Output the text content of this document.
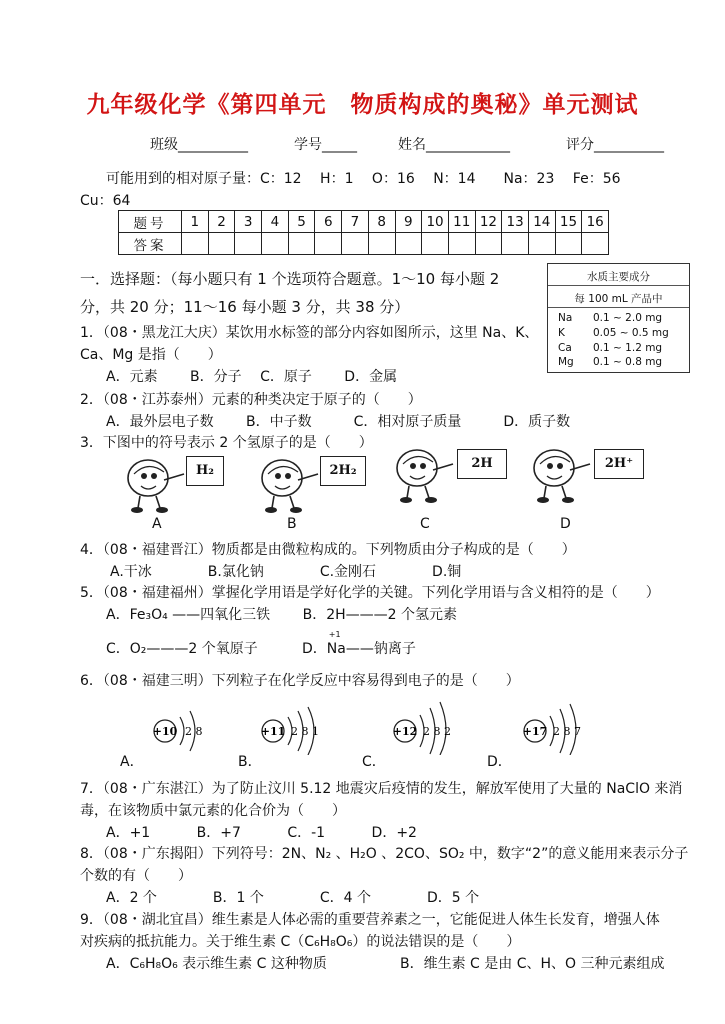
九年级化学《第四单元　物质构成的奥秘》单元测试
班级__________	学号_____	姓名____________	评分__________
可能用到的相对原子量：C：12　 H：1　 O：16　 N：14　　Na：23　 Fe：56
Cu：64
题号	1	2	3	4	5	6	7	8	9	10	11	12	13	14	15	16
答案																
一．选择题：（每小题只有 1 个选项符合题意。1～10 每小题 2
分，共 20 分；11～16 每小题 3 分，共 38 分）
水质主要成分
每 100 mL 产品中
Na 0.1 ~ 2.0 mg
K	0.05 ~ 0.5 mg
Ca 0.1 ~ 1.2 mg
Mg 0.1 ~ 0.8 mg
1．（08・黑龙江大庆）某饮用水标签的部分内容如图所示，这里 Na、K、
Ca、Mg 是指（　　）
A．元素　　 B．分子　 C．原子　　 D．金属
2．（08・江苏泰州）元素的种类决定于原子的（　　）
A．最外层电子数　　 B．中子数　　　C．相对原子质量　　　D．质子数
3．下图中的符号表示 2 个氢原子的是（　　）
H₂	2H₂	2H	2H⁺
A	B	C	D
4．（08・福建晋江）物质都是由微粒构成的。下列物质由分子构成的是（　　）
A.干冰　　　　B.氯化钠　　　　C.金刚石　　　　D.铜
5．（08・福建福州）掌握化学用语是学好化学的关键。下列化学用语与含义相符的是（　　）
A．Fe₃O₄ ——四氧化三铁　　 B．2H———2 个氢元素
C．O₂———2 个氧原子	D．
+1
Na——钠离子
6．（08・福建三明）下列粒子在化学反应中容易得到电子的是（　　）
+10 2 8	+11 2 8 1	+12 2 8 2	+17 2 8 7
A．	B．	C．	D．
7．（08・广东湛江）为了防止汶川 5.12 地震灾后疫情的发生，解放军使用了大量的 NaClO 来消
毒，在该物质中氯元素的化合价为（　　）
A．+1　　　 B．+7　　　 C．-1　　　 D．+2
8．（08・广东揭阳）下列符号：2N、N₂ 、H₂O 、2CO、SO₂ 中，数字“2”的意义能用来表示分子
个数的有（　　）
A．2 个　　　　B．1 个　　　　C．4 个　　　　D．5 个
9．（08・湖北宜昌）维生素是人体必需的重要营养素之一，它能促进人体生长发育，增强人体
对疾病的抵抗能力。关于维生素 C（C₆H₈O₆）的说法错误的是（　　）
A．C₆H₈O₆ 表示维生素 C 这种物质	B．维生素 C 是由 C、H、O 三种元素组成
